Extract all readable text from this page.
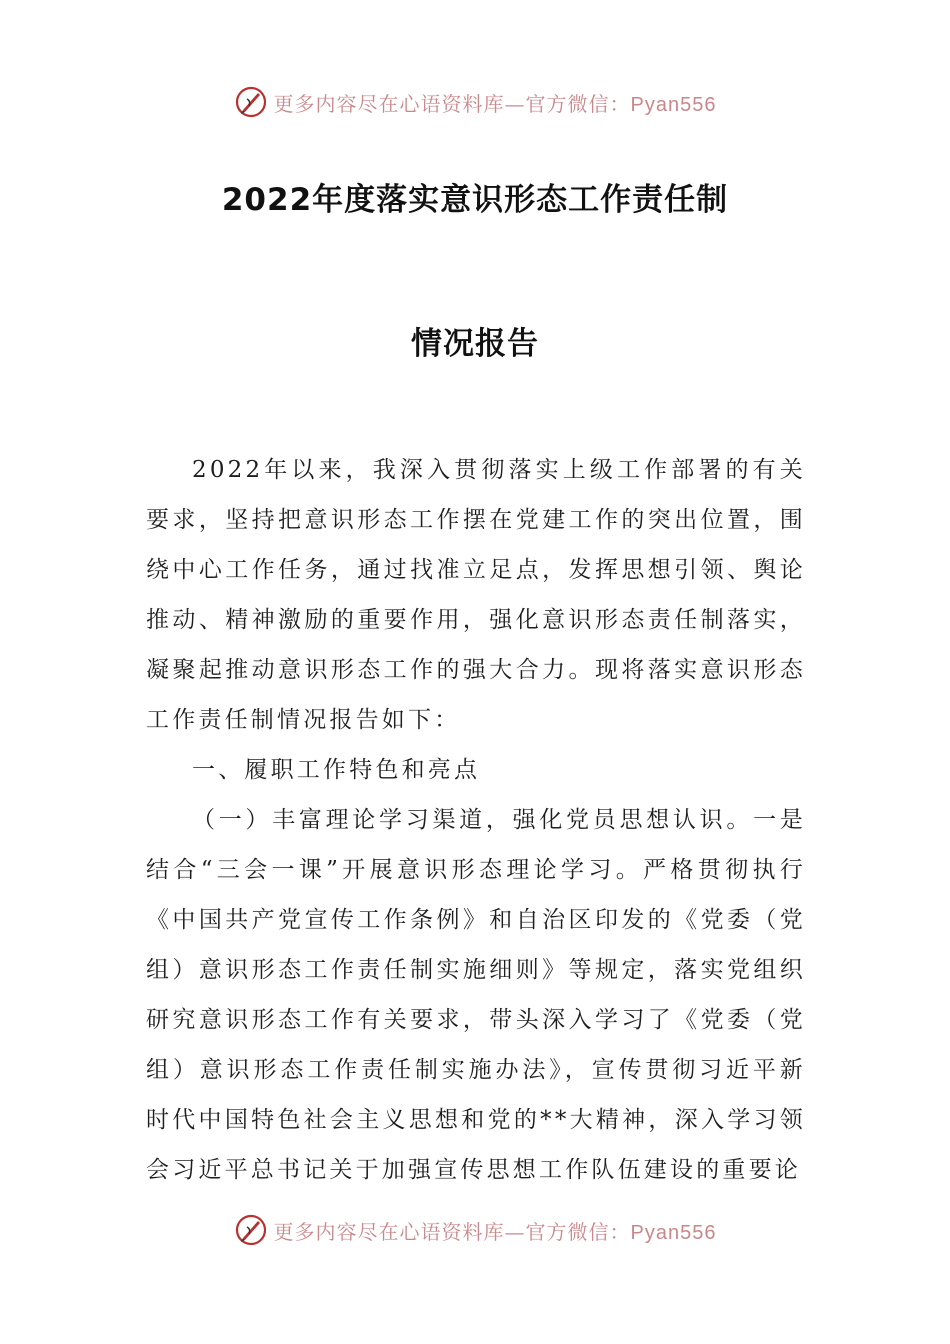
更多内容尽在心语资料库—官方微信：Pyan556
2022年度落实意识形态工作责任制
情况报告

2022年以来，我深入贯彻落实上级工作部署的有关要求，坚持把意识形态工作摆在党建工作的突出位置，围绕中心工作任务，通过找准立足点，发挥思想引领、舆论推动、精神激励的重要作用，强化意识形态责任制落实，凝聚起推动意识形态工作的强大合力。现将落实意识形态工作责任制情况报告如下：

一、履职工作特色和亮点

（一）丰富理论学习渠道，强化党员思想认识。一是结合“三会一课”开展意识形态理论学习。严格贯彻执行《中国共产党宣传工作条例》和自治区印发的《党委（党组）意识形态工作责任制实施细则》等规定，落实党组织研究意识形态工作有关要求，带头深入学习了《党委（党组）意识形态工作责任制实施办法》，宣传贯彻习近平新时代中国特色社会主义思想和党的**大精神，深入学习领会习近平总书记关于加强宣传思想工作队伍建设的重要论

更多内容尽在心语资料库—官方微信：Pyan556
